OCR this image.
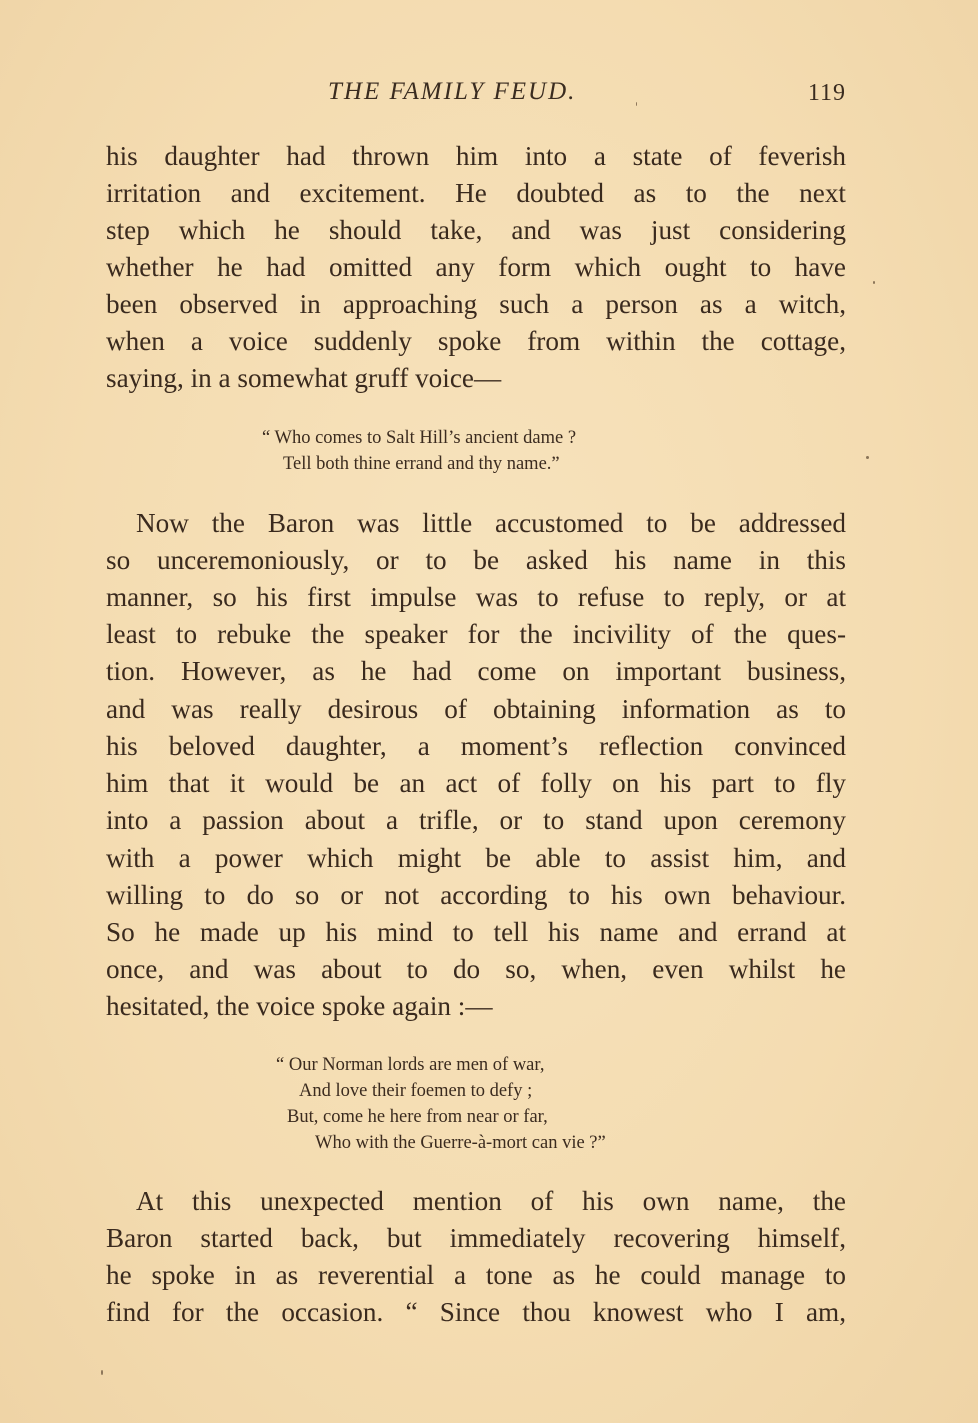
THE FAMILY FEUD.	119
his daughter had thrown him into a state of feverish
irritation and excitement. He doubted as to the next
step which he should take, and was just considering
whether he had omitted any form which ought to have
been observed in approaching such a person as a witch,
when a voice suddenly spoke from within the cottage,
saying, in a somewhat gruff voice—
“ Who comes to Salt Hill’s ancient dame ?
Tell both thine errand and thy name.”
Now the Baron was little accustomed to be addressed
so unceremoniously, or to be asked his name in this
manner, so his first impulse was to refuse to reply, or at
least to rebuke the speaker for the incivility of the ques-
tion. However, as he had come on important business,
and was really desirous of obtaining information as to
his beloved daughter, a moment’s reflection convinced
him that it would be an act of folly on his part to fly
into a passion about a trifle, or to stand upon ceremony
with a power which might be able to assist him, and
willing to do so or not according to his own behaviour.
So he made up his mind to tell his name and errand at
once, and was about to do so, when, even whilst he
hesitated, the voice spoke again :—
“ Our Norman lords are men of war,
And love their foemen to defy ;
But, come he here from near or far,
Who with the Guerre-à-mort can vie ?”
At this unexpected mention of his own name, the
Baron started back, but immediately recovering himself,
he spoke in as reverential a tone as he could manage to
find for the occasion. “ Since thou knowest who I am,
